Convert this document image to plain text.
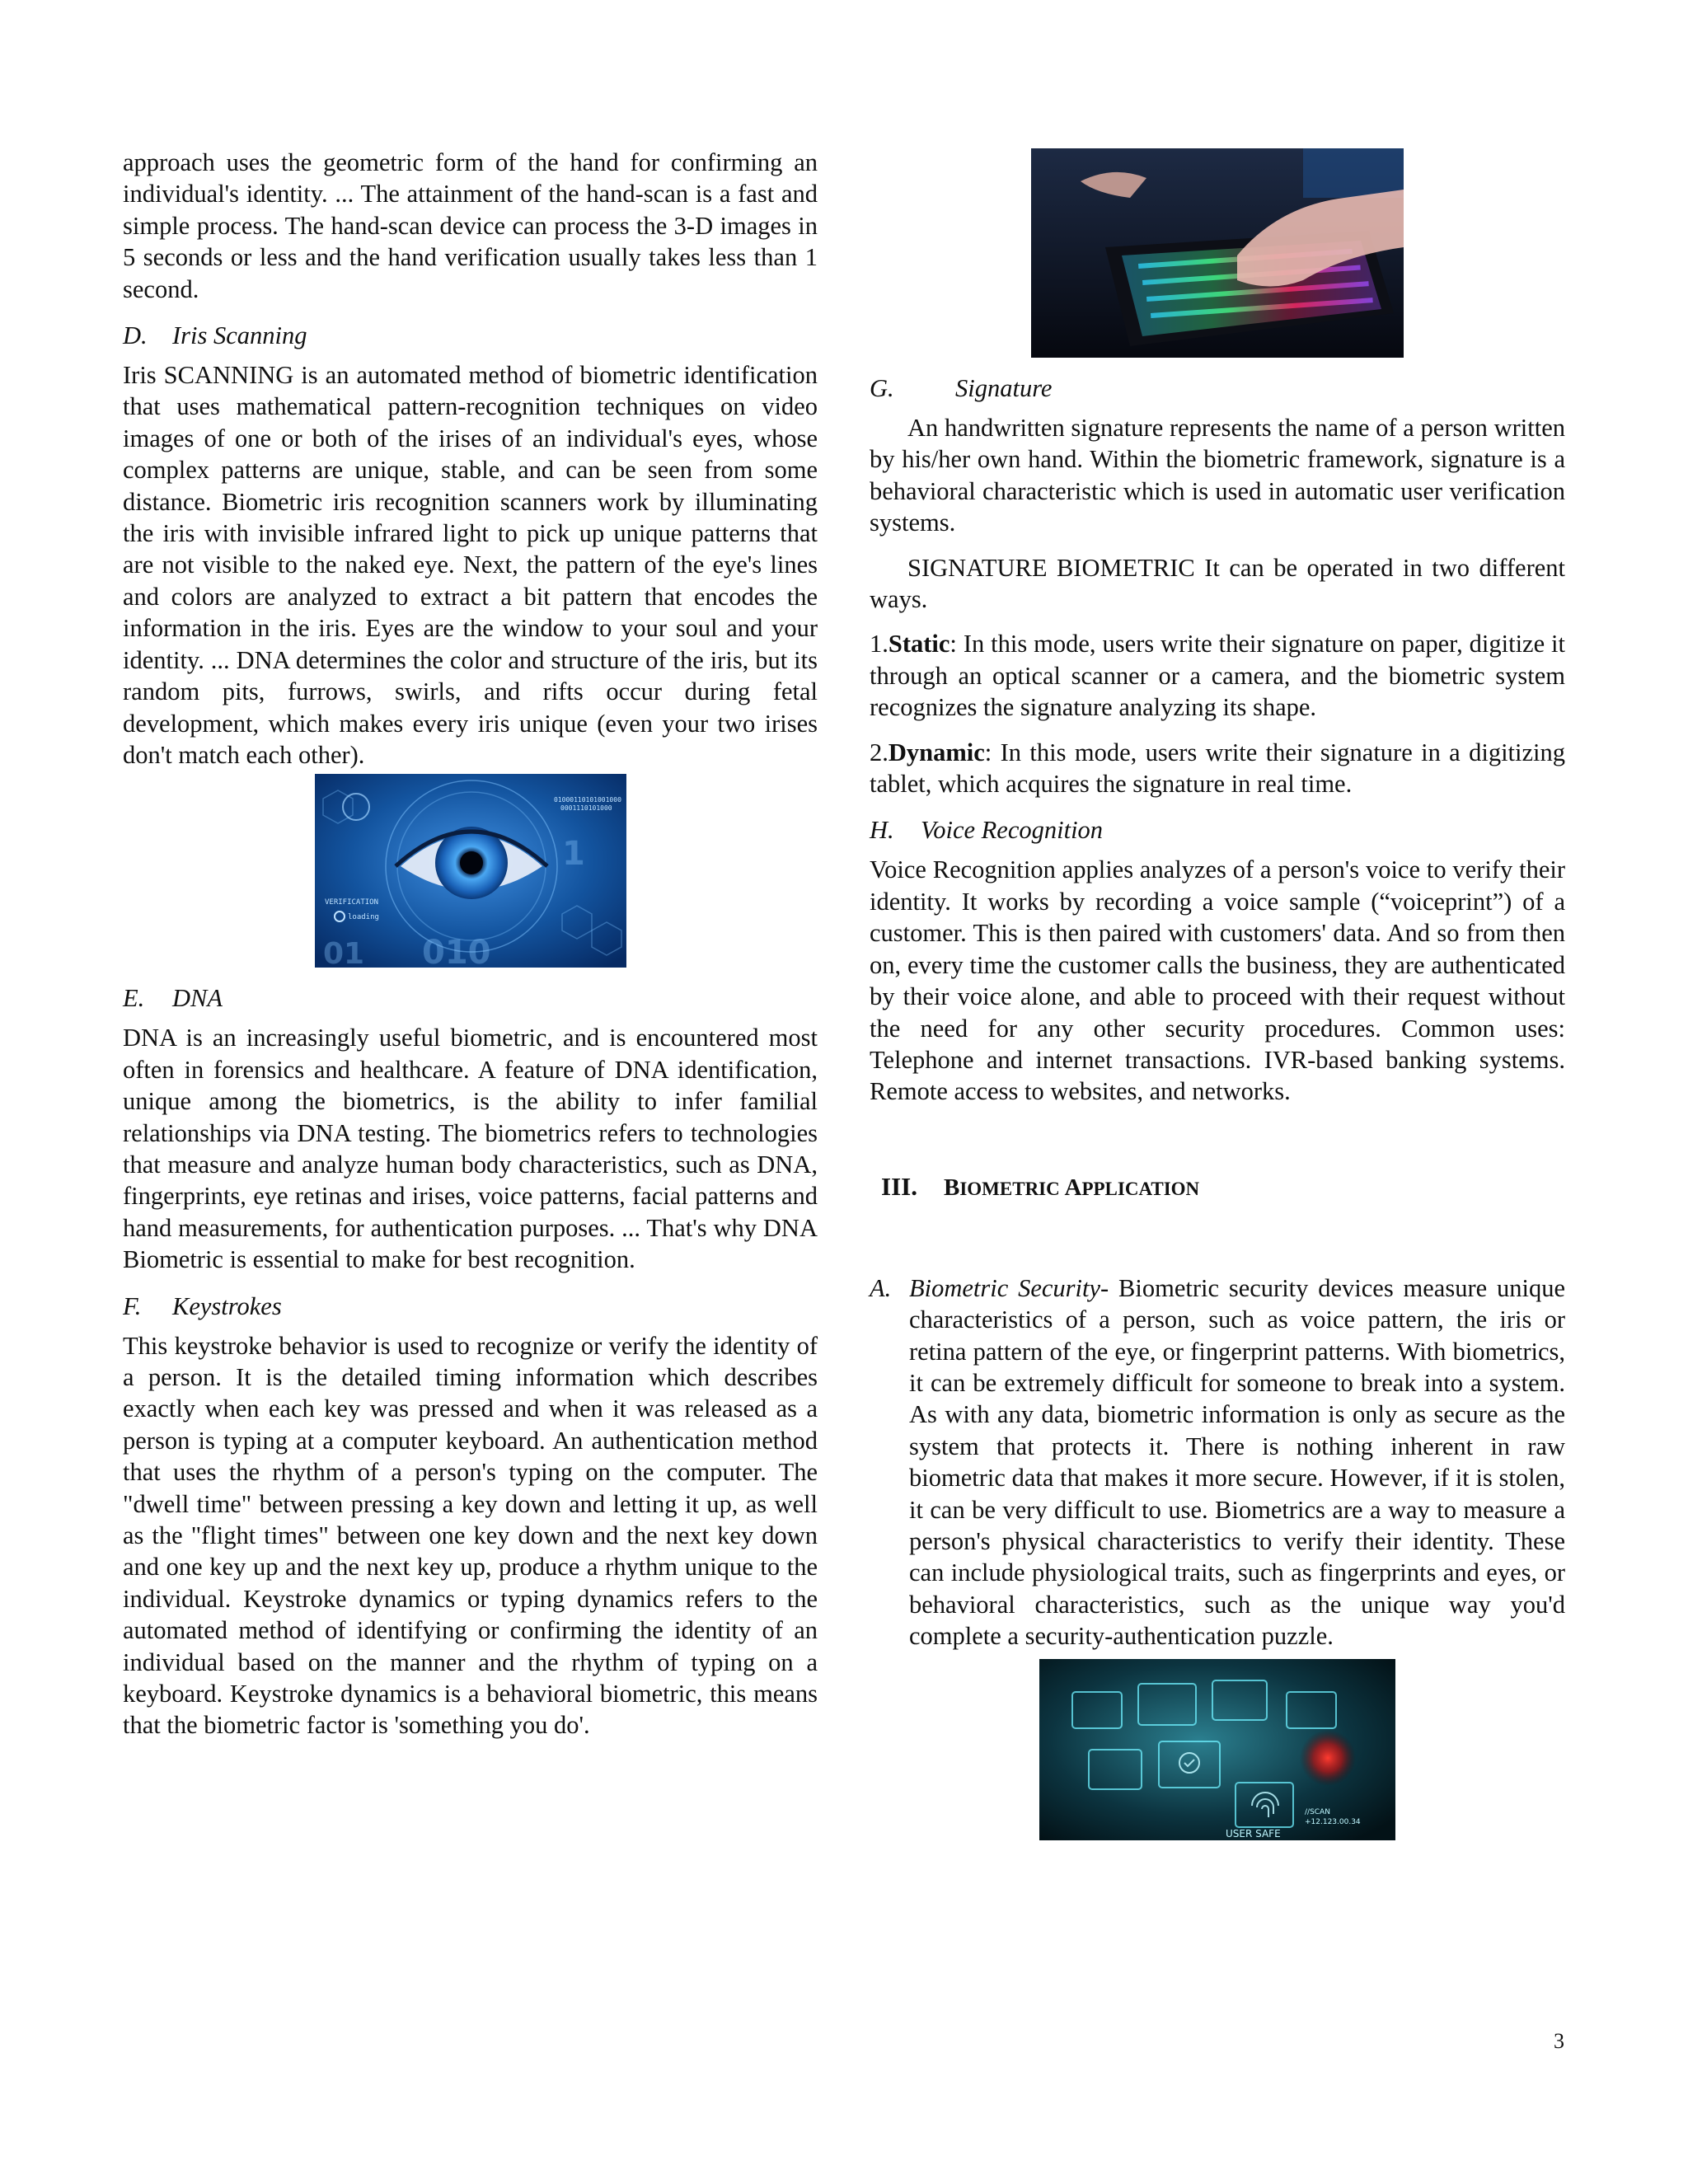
approach uses the geometric form of the hand for confirming an individual's identity. ... The attainment of the hand-scan is a fast and simple process. The hand-scan device can process the 3-D images in 5 seconds or less and the hand verification usually takes less than 1 second.

D. Iris Scanning

Iris SCANNING is an automated method of biometric identification that uses mathematical pattern-recognition techniques on video images of one or both of the irises of an individual's eyes, whose complex patterns are unique, stable, and can be seen from some distance. Biometric iris recognition scanners work by illuminating the iris with invisible infrared light to pick up unique patterns that are not visible to the naked eye. Next, the pattern of the eye's lines and colors are analyzed to extract a bit pattern that encodes the information in the iris. Eyes are the window to your soul and your identity. ... DNA determines the color and structure of the iris, but its random pits, furrows, swirls, and rifts occur during fetal development, which makes every iris unique (even your two irises don't match each other).

01000110101001000
0001110101000
VERIFICATION
loading
1
010
01
E. DNA

DNA is an increasingly useful biometric, and is encountered most often in forensics and healthcare. A feature of DNA identification, unique among the biometrics, is the ability to infer familial relationships via DNA testing. The biometrics refers to technologies that measure and analyze human body characteristics, such as DNA, fingerprints, eye retinas and irises, voice patterns, facial patterns and hand measurements, for authentication purposes. ... That's why DNA Biometric is essential to make for best recognition.

F. Keystrokes

This keystroke behavior is used to recognize or verify the identity of a person. It is the detailed timing information which describes exactly when each key was pressed and when it was released as a person is typing at a computer keyboard. An authentication method that uses the rhythm of a person's typing on the computer. The "dwell time" between pressing a key down and letting it up, as well as the "flight times" between one key down and the next key down and one key up and the next key up, produce a rhythm unique to the individual. Keystroke dynamics or typing dynamics refers to the automated method of identifying or confirming the identity of an individual based on the manner and the rhythm of typing on a keyboard. Keystroke dynamics is a behavioral biometric, this means that the biometric factor is 'something you do'.

G. Signature

An handwritten signature represents the name of a person written by his/her own hand. Within the biometric framework, signature is a behavioral characteristic which is used in automatic user verification systems.

SIGNATURE BIOMETRIC It can be operated in two different ways.

1.Static: In this mode, users write their signature on paper, digitize it through an optical scanner or a camera, and the biometric system recognizes the signature analyzing its shape.

2.Dynamic: In this mode, users write their signature in a digitizing tablet, which acquires the signature in real time.

H. Voice Recognition

Voice Recognition applies analyzes of a person's voice to verify their identity. It works by recording a voice sample (“voiceprint”) of a customer. This is then paired with customers' data. And so from then on, every time the customer calls the business, they are authenticated by their voice alone, and able to proceed with their request without the need for any other security procedures. Common uses: Telephone and internet transactions. IVR-based banking systems. Remote access to websites, and networks.

III. BIOMETRIC APPLICATION

A. Biometric Security- Biometric security devices measure unique characteristics of a person, such as voice pattern, the iris or retina pattern of the eye, or fingerprint patterns. With biometrics, it can be extremely difficult for someone to break into a system. As with any data, biometric information is only as secure as the system that protects it. There is nothing inherent in raw biometric data that makes it more secure. However, if it is stolen, it can be very difficult to use. Biometrics are a way to measure a person's physical characteristics to verify their identity. These can include physiological traits, such as fingerprints and eyes, or behavioral characteristics, such as the unique way you'd complete a security-authentication puzzle.

USER SAFE
//SCAN
+12.123.00.34
3
